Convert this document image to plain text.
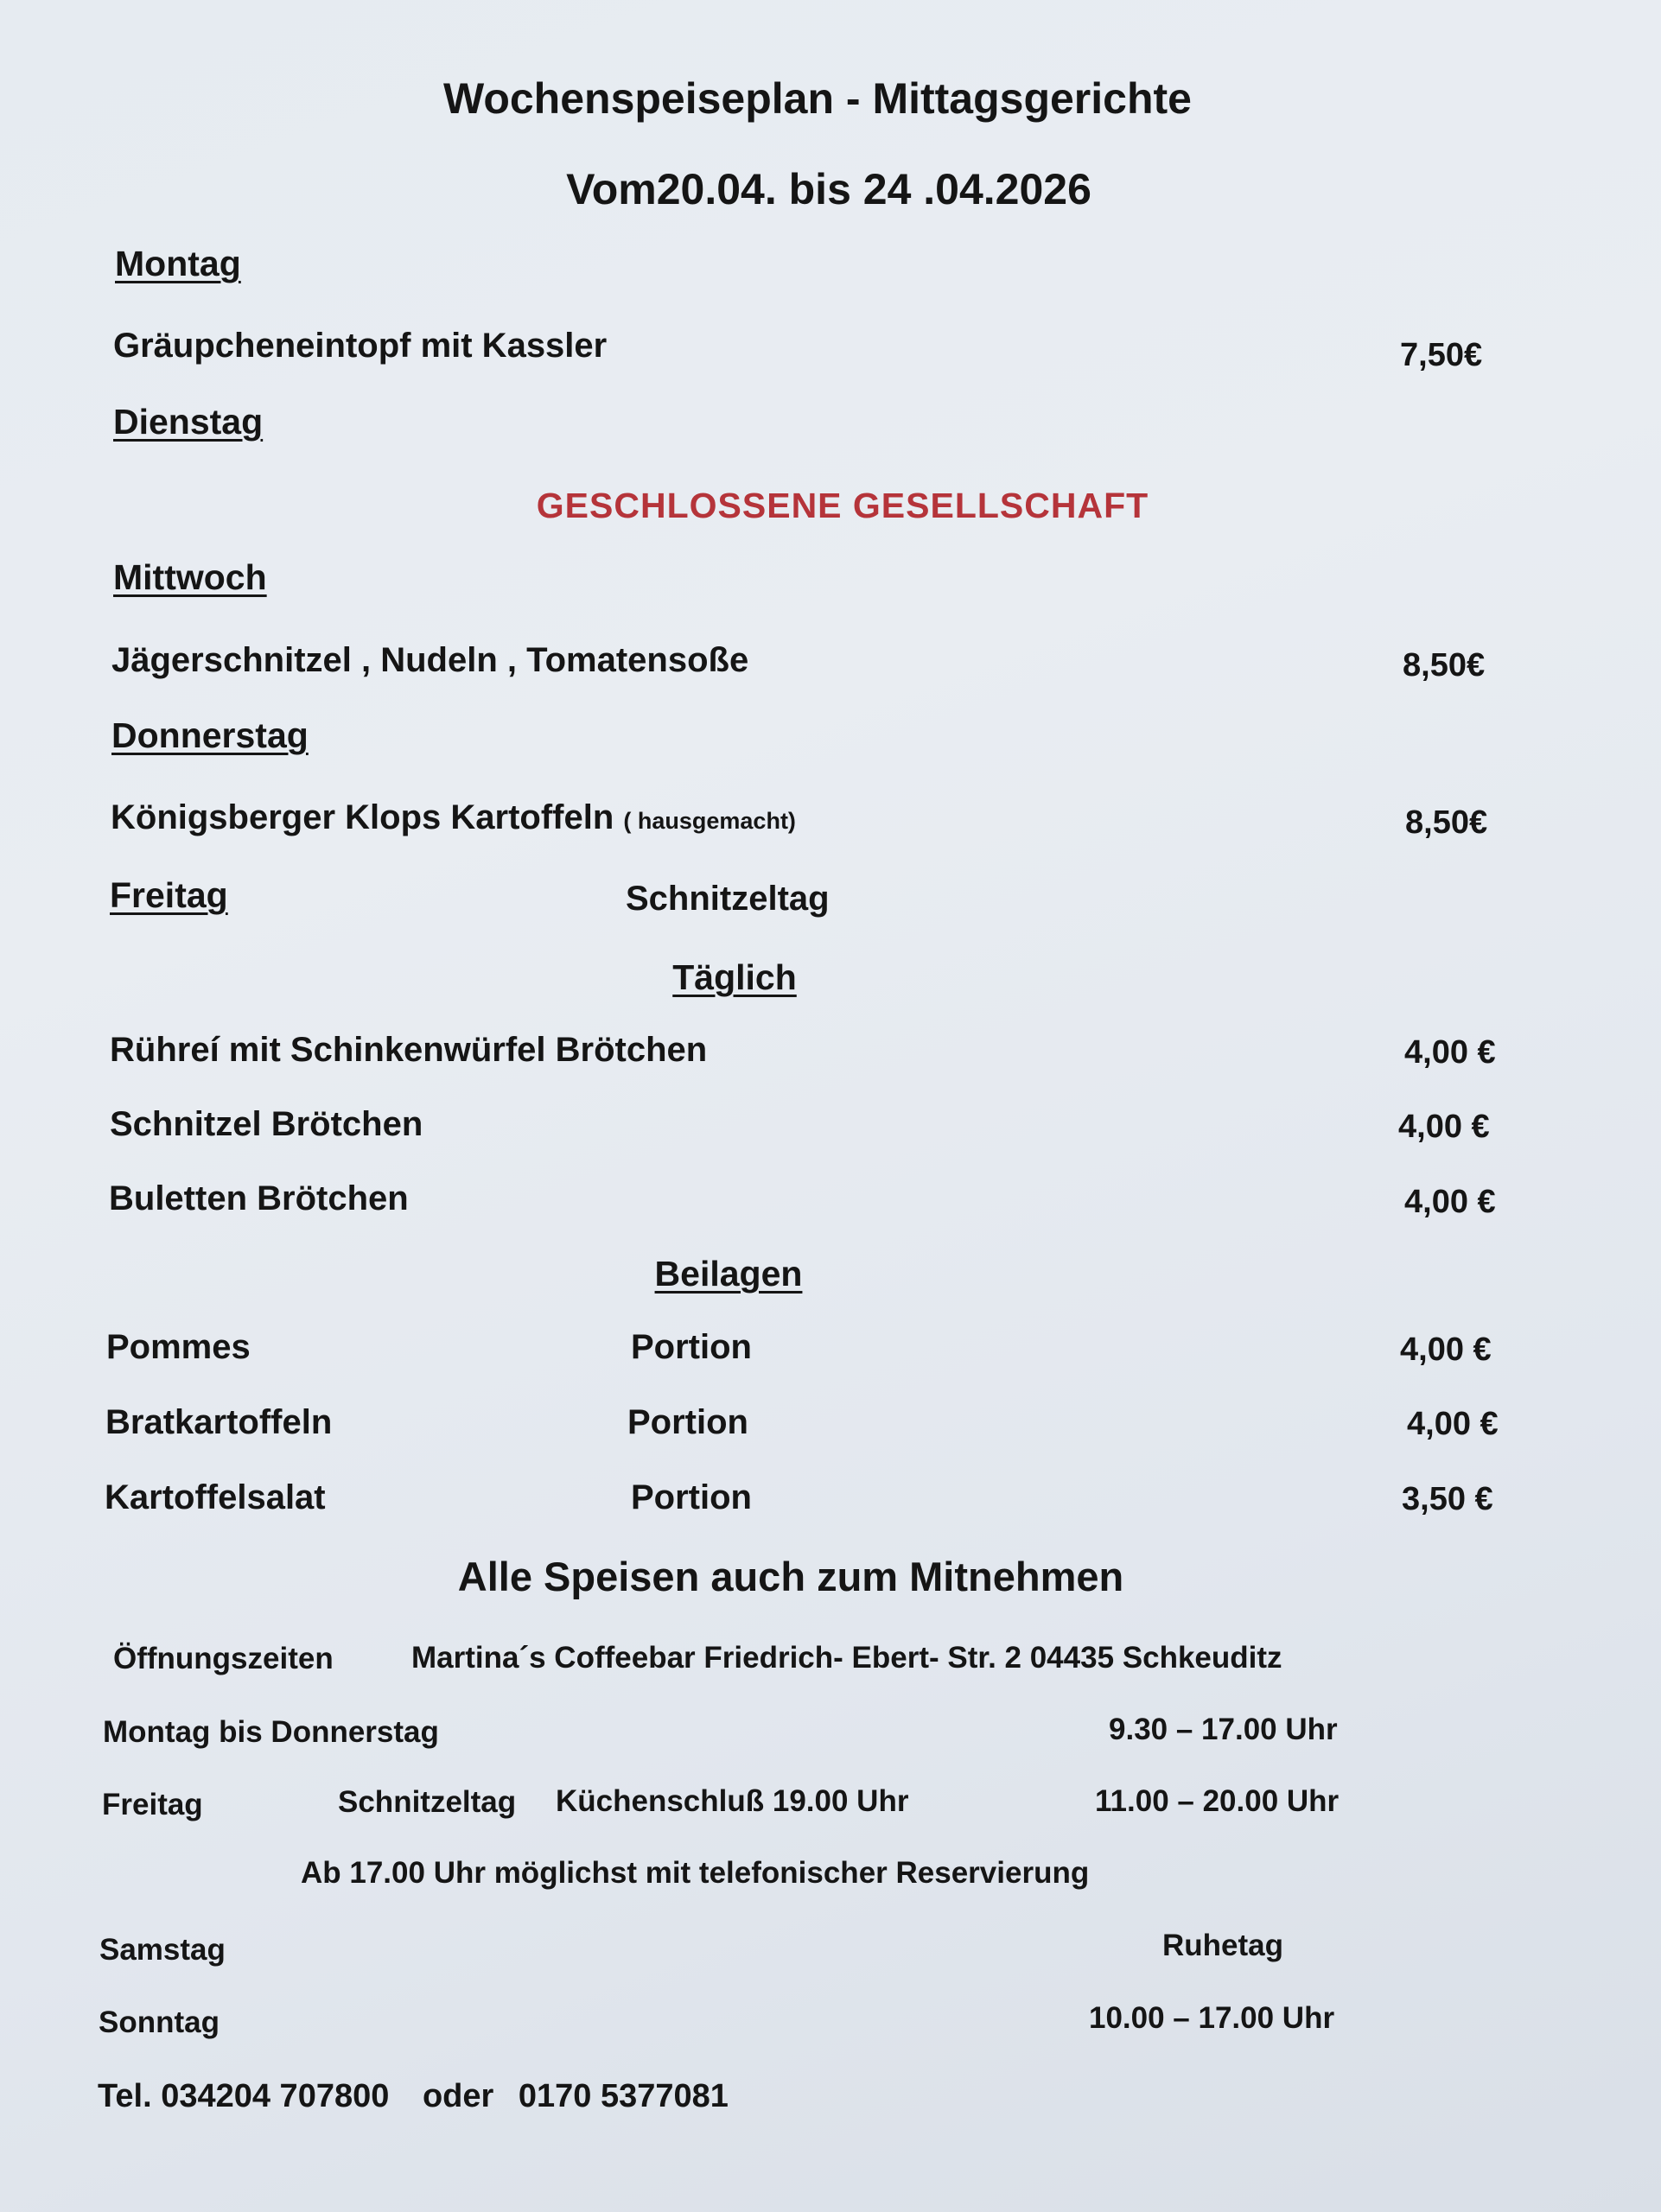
Wochenspeiseplan - Mittagsgerichte
Vom20.04. bis 24 .04.2026
Montag
Gräupcheneintopf mit Kassler	7,50€
Dienstag
GESCHLOSSENE GESELLSCHAFT
Mittwoch
Jägerschnitzel , Nudeln , Tomatensoße	8,50€
Donnerstag
Königsberger Klops Kartoffeln ( hausgemacht)	8,50€
Freitag	Schnitzeltag
Täglich
Rühreí mit Schinkenwürfel Brötchen	4,00 €
Schnitzel Brötchen	4,00 €
Buletten Brötchen	4,00 €
Beilagen
Pommes	Portion	4,00 €
Bratkartoffeln	Portion	4,00 €
Kartoffelsalat	Portion	3,50 €
Alle Speisen auch zum Mitnehmen
Öffnungszeiten	Martina´s Coffeebar Friedrich- Ebert- Str. 2 04435 Schkeuditz
Montag bis Donnerstag	9.30 – 17.00 Uhr
Freitag	Schnitzeltag Küchenschluß 19.00 Uhr	11.00 – 20.00 Uhr
Ab 17.00 Uhr möglichst mit telefonischer Reservierung
Samstag	Ruhetag
Sonntag	10.00 – 17.00 Uhr
Tel. 034204 707800 oder 0170 5377081
